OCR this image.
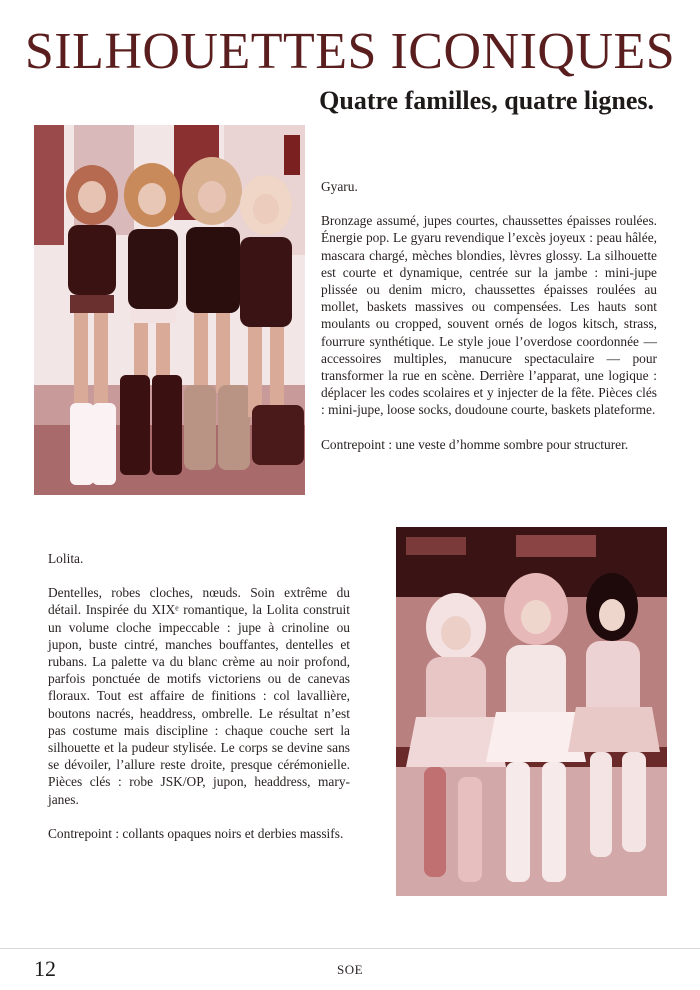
SILHOUETTES ICONIQUES
Quatre familles, quatre lignes.

Gyaru.

Bronzage assumé, jupes courtes, chaussettes épaisses roulées. Énergie pop. Le gyaru revendique l’excès joyeux : peau hâlée, mascara chargé, mèches blondies, lèvres glossy. La silhouette est courte et dynamique, centrée sur la jambe : mini-jupe plissée ou denim micro, chaussettes épaisses roulées au mollet, baskets massives ou compensées. Les hauts sont moulants ou cropped, souvent ornés de logos kitsch, strass, fourrure synthétique. Le style joue l’overdose coordonnée — accessoires multiples, manucure spectaculaire — pour transformer la rue en scène. Derrière l’apparat, une logique : déplacer les codes scolaires et y injecter de la fête. Pièces clés : mini-jupe, loose socks, doudoune courte, baskets plateforme.

Contrepoint : une veste d’homme sombre pour structurer.

Lolita.

Dentelles, robes cloches, nœuds. Soin extrême du détail. Inspirée du XIXᵉ romantique, la Lolita construit un volume cloche impeccable : jupe à crinoline ou jupon, buste cintré, manches bouffantes, dentelles et rubans. La palette va du blanc crème au noir profond, parfois ponctuée de motifs victoriens ou de canevas floraux. Tout est affaire de finitions : col lavallière, boutons nacrés, headdress, ombrelle. Le résultat n’est pas costume mais discipline : chaque couche sert la silhouette et la pudeur stylisée. Le corps se devine sans se dévoiler, l’allure reste droite, presque cérémonielle. Pièces clés : robe JSK/OP, jupon, headdress, mary-janes.

Contrepoint : collants opaques noirs et derbies massifs.

12	SOE
